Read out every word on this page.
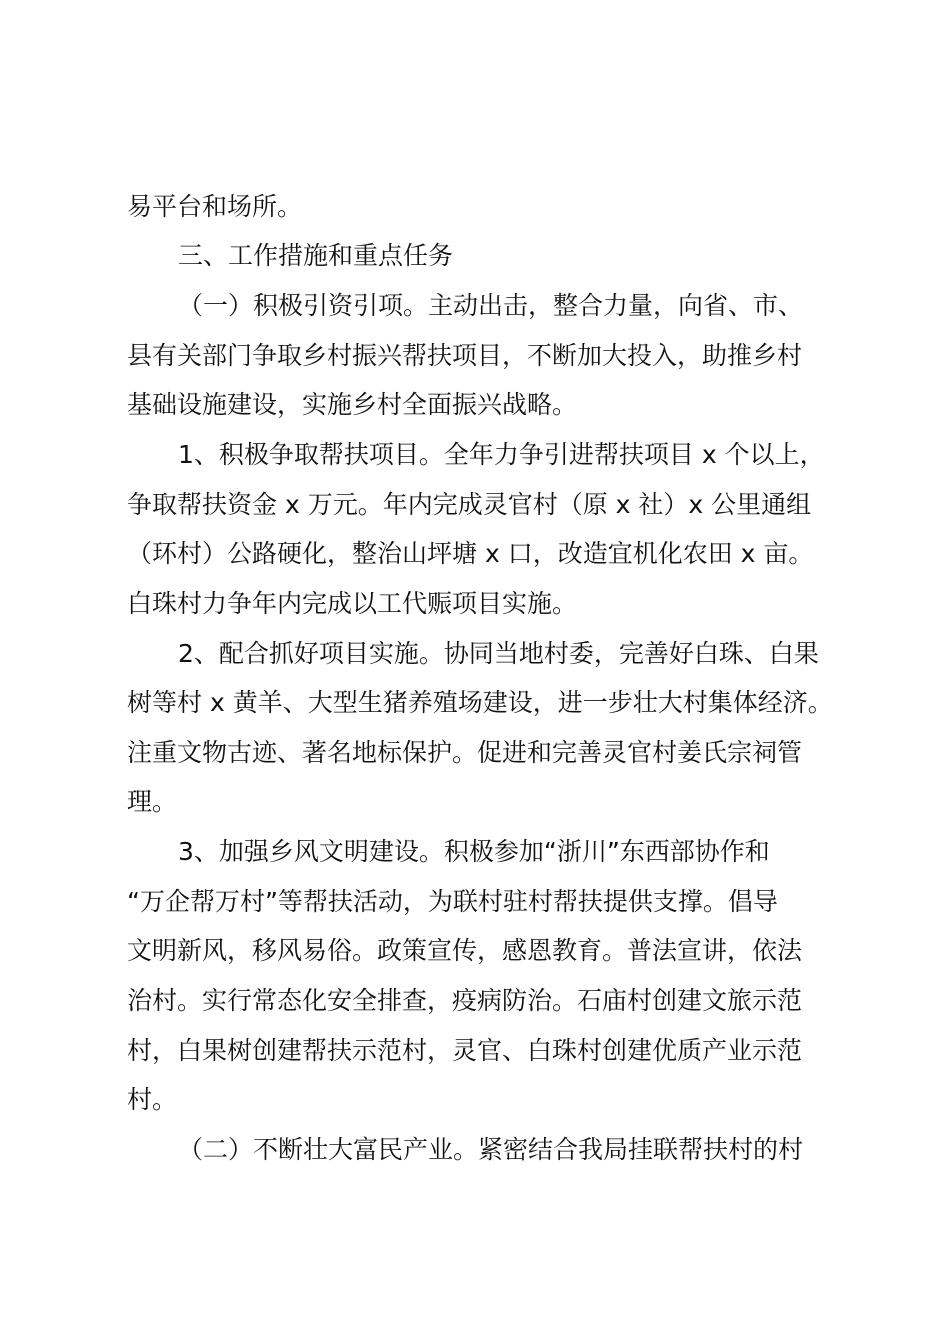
易平台和场所。
三、工作措施和重点任务
（一）积极引资引项。主动出击，整合力量，向省、市、
县有关部门争取乡村振兴帮扶项目，不断加大投入，助推乡村
基础设施建设，实施乡村全面振兴战略。
1、积极争取帮扶项目。全年力争引进帮扶项目 x 个以上，
争取帮扶资金 x 万元。年内完成灵官村（原 x 社）x 公里通组
（环村）公路硬化，整治山坪塘 x 口，改造宜机化农田 x 亩。
白珠村力争年内完成以工代赈项目实施。
2、配合抓好项目实施。协同当地村委，完善好白珠、白果
树等村 x 黄羊、大型生猪养殖场建设，进一步壮大村集体经济。
注重文物古迹、著名地标保护。促进和完善灵官村姜氏宗祠管
理。
3、加强乡风文明建设。积极参加“浙川”东西部协作和
“万企帮万村”等帮扶活动，为联村驻村帮扶提供支撑。倡导
文明新风，移风易俗。政策宣传，感恩教育。普法宣讲，依法
治村。实行常态化安全排查，疫病防治。石庙村创建文旅示范
村，白果树创建帮扶示范村，灵官、白珠村创建优质产业示范
村。
（二）不断壮大富民产业。紧密结合我局挂联帮扶村的村
